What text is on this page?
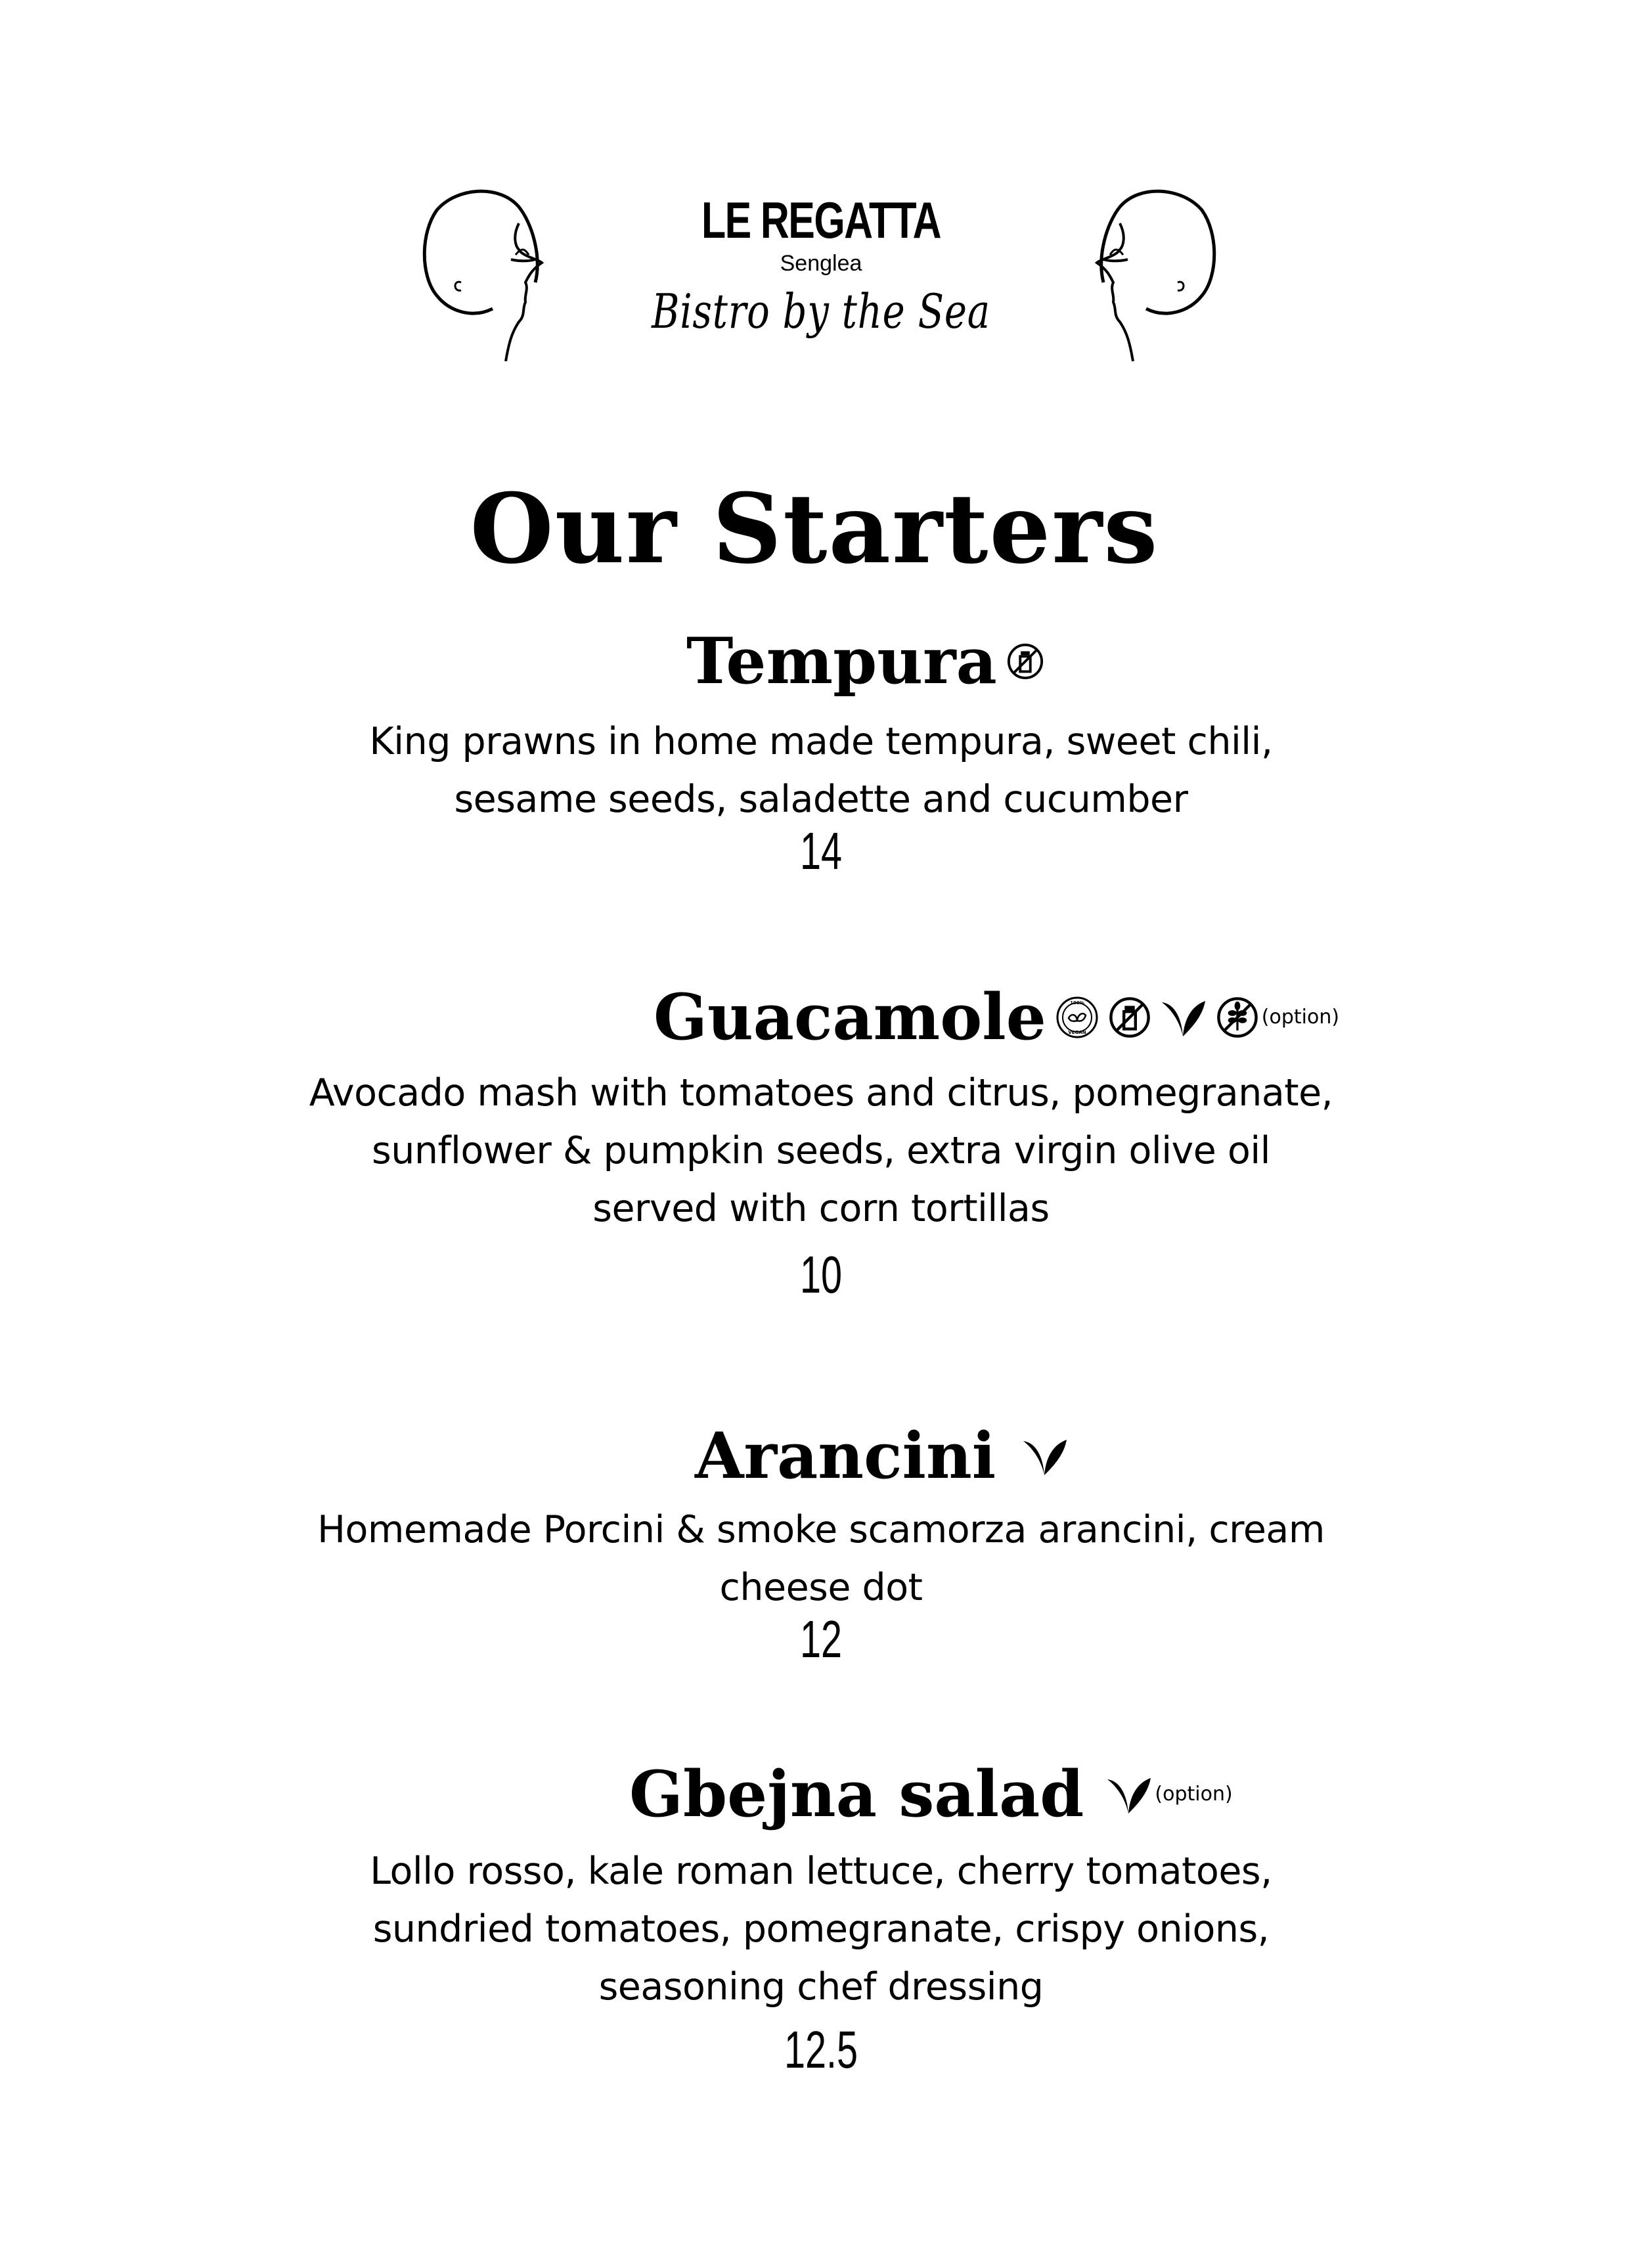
LE REGATTA
Senglea
Bistro by the Sea
Our Starters
Tempura
King prawns in home made tempura, sweet chili,
sesame seeds, saladette and cucumber
14
Guacamole	100%
VEGAN
(option)
Avocado mash with tomatoes and citrus, pomegranate,
sunflower & pumpkin seeds, extra virgin olive oil
served with corn tortillas
10
Arancini
Homemade Porcini & smoke scamorza arancini, cream
cheese dot
12
Gbejna salad	(option)
Lollo rosso, kale roman lettuce, cherry tomatoes,
sundried tomatoes, pomegranate, crispy onions,
seasoning chef dressing
12.5
